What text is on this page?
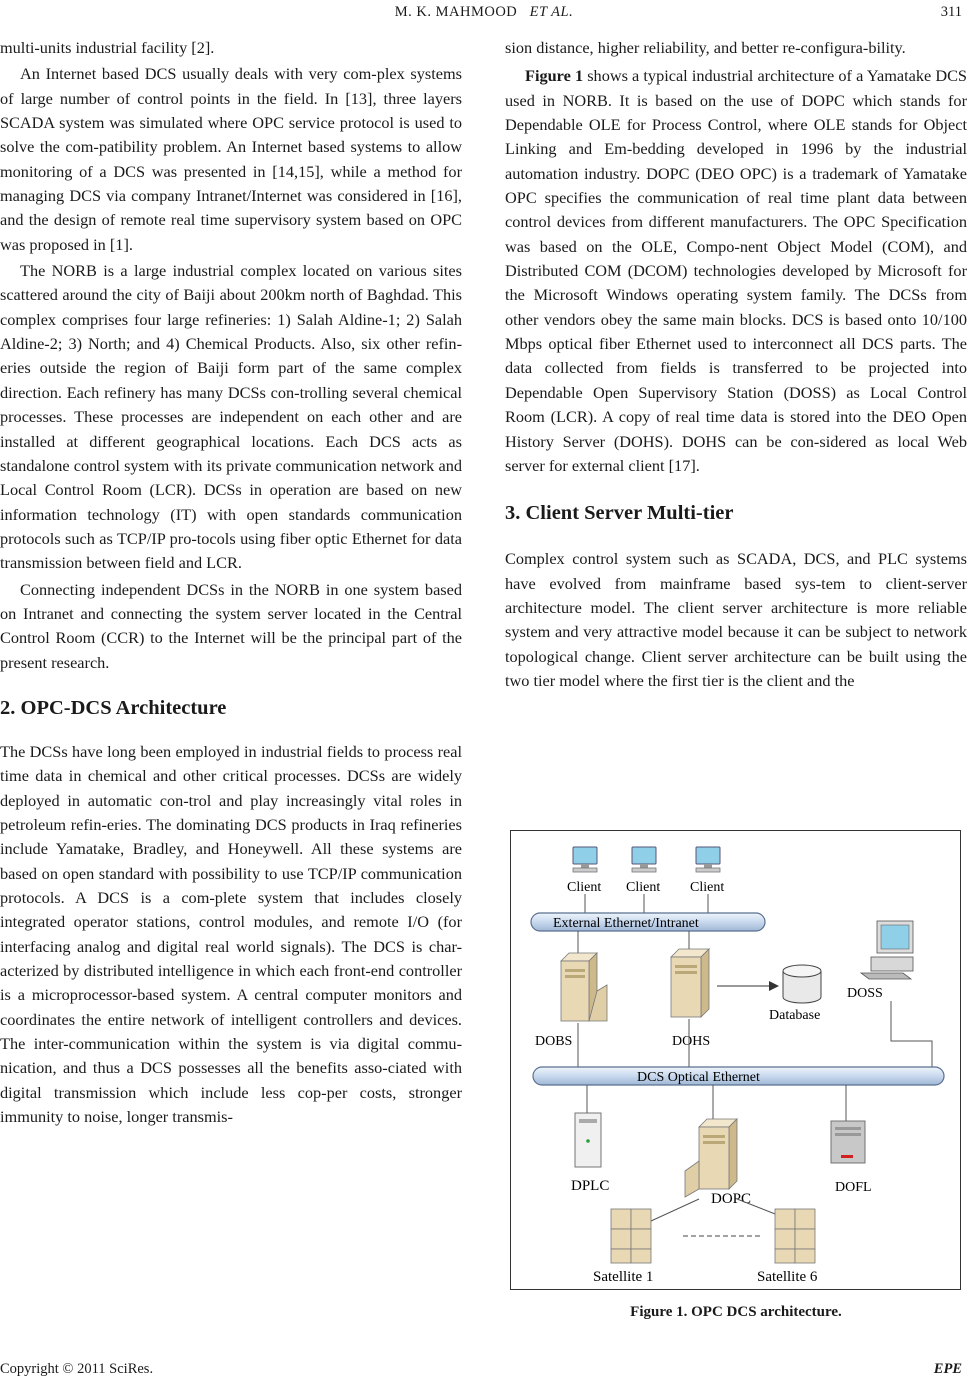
M. K. MAHMOOD ET AL.	311

multi-units industrial facility [2].

An Internet based DCS usually deals with very com-plex systems of large number of control points in the field. In [13], three layers SCADA system was simulated where OPC service protocol is used to solve the com-patibility problem. An Internet based systems to allow monitoring of a DCS was presented in [14,15], while a method for managing DCS via company Intranet/Internet was considered in [16], and the design of remote real time supervisory system based on OPC was proposed in [1].

The NORB is a large industrial complex located on various sites scattered around the city of Baiji about 200km north of Baghdad. This complex comprises four large refineries: 1) Salah Aldine-1; 2) Salah Aldine-2; 3) North; and 4) Chemical Products. Also, six other refin-eries outside the region of Baiji form part of the same complex direction. Each refinery has many DCSs con-trolling several chemical processes. These processes are independent on each other and are installed at different geographical locations. Each DCS acts as standalone control system with its private communication network and Local Control Room (LCR). DCSs in operation are based on new information technology (IT) with open standards communication protocols such as TCP/IP pro-tocols using fiber optic Ethernet for data transmission between field and LCR.

Connecting independent DCSs in the NORB in one system based on Intranet and connecting the system server located in the Central Control Room (CCR) to the Internet will be the principal part of the present research.

2. OPC-DCS Architecture

The DCSs have long been employed in industrial fields to process real time data in chemical and other critical processes. DCSs are widely deployed in automatic con-trol and play increasingly vital roles in petroleum refin-eries. The dominating DCS products in Iraq refineries include Yamatake, Bradley, and Honeywell. All these systems are based on open standard with possibility to use TCP/IP communication protocols. A DCS is a com-plete system that includes closely integrated operator stations, control modules, and remote I/O (for interfacing analog and digital real world signals). The DCS is char-acterized by distributed intelligence in which each front-end controller is a microprocessor-based system. A central computer monitors and coordinates the entire network of intelligent controllers and devices. The inter-communication within the system is via digital commu-nication, and thus a DCS possesses all the benefits asso-ciated with digital transmission which include less cop-per costs, stronger immunity to noise, longer transmis-

sion distance, higher reliability, and better re-configura-bility.

Figure 1 shows a typical industrial architecture of a Yamatake DCS used in NORB. It is based on the use of DOPC which stands for Dependable OLE for Process Control, where OLE stands for Object Linking and Em-bedding developed in 1996 by the industrial automation industry. DOPC (DEO OPC) is a trademark of Yamatake OPC specifies the communication of real time plant data between control devices from different manufacturers. The OPC Specification was based on the OLE, Compo-nent Object Model (COM), and Distributed COM (DCOM) technologies developed by Microsoft for the Microsoft Windows operating system family. The DCSs from other vendors obey the same main blocks. DCS is based onto 10/100 Mbps optical fiber Ethernet used to interconnect all DCS parts. The data collected from fields is transferred to be projected into Dependable Open Supervisory Station (DOSS) as Local Control Room (LCR). A copy of real time data is stored into the DEO Open History Server (DOHS). DOHS can be con-sidered as local Web server for external client [17].

3. Client Server Multi-tier

Complex control system such as SCADA, DCS, and PLC systems have evolved from mainframe based sys-tem to client-server architecture model. The client server architecture is more reliable system and very attractive model because it can be subject to network topological change. Client server architecture can be built using the two tier model where the first tier is the client and the

Client Client Client
External Ethernet/Intranet
DOBS	DOHS
Database
DOSS
DCS Optical Ethernet
DPLC
DOPC
DOFL
Satellite 1	Satellite 6
Figure 1. OPC DCS architecture.
Copyright © 2011 SciRes.	EPE
